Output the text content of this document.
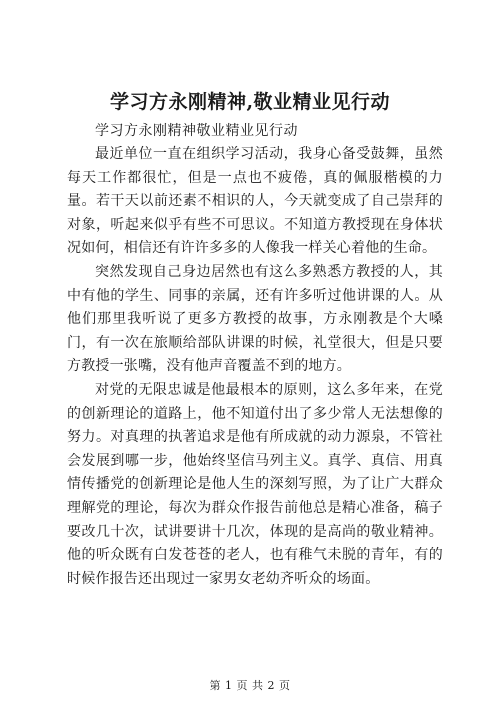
学习方永刚精神,敬业精业见行动
学习方永刚精神敬业精业见行动

最近单位一直在组织学习活动，我身心备受鼓舞，虽然每天工作都很忙，但是一点也不疲倦，真的佩服楷模的力量。若干天以前还素不相识的人，今天就变成了自己崇拜的对象，听起来似乎有些不可思议。不知道方教授现在身体状况如何，相信还有许许多多的人像我一样关心着他的生命。

突然发现自己身边居然也有这么多熟悉方教授的人，其中有他的学生、同事的亲属，还有许多听过他讲课的人。从他们那里我听说了更多方教授的故事，方永刚教是个大嗓门，有一次在旅顺给部队讲课的时候，礼堂很大，但是只要方教授一张嘴，没有他声音覆盖不到的地方。

对党的无限忠诚是他最根本的原则，这么多年来，在党的创新理论的道路上，他不知道付出了多少常人无法想像的努力。对真理的执著追求是他有所成就的动力源泉，不管社会发展到哪一步，他始终坚信马列主义。真学、真信、用真情传播党的创新理论是他人生的深刻写照，为了让广大群众理解党的理论，每次为群众作报告前他总是精心准备，稿子要改几十次，试讲要讲十几次，体现的是高尚的敬业精神。他的听众既有白发苍苍的老人，也有稚气未脱的青年，有的时候作报告还出现过一家男女老幼齐听众的场面。

第 1 页 共 2 页
